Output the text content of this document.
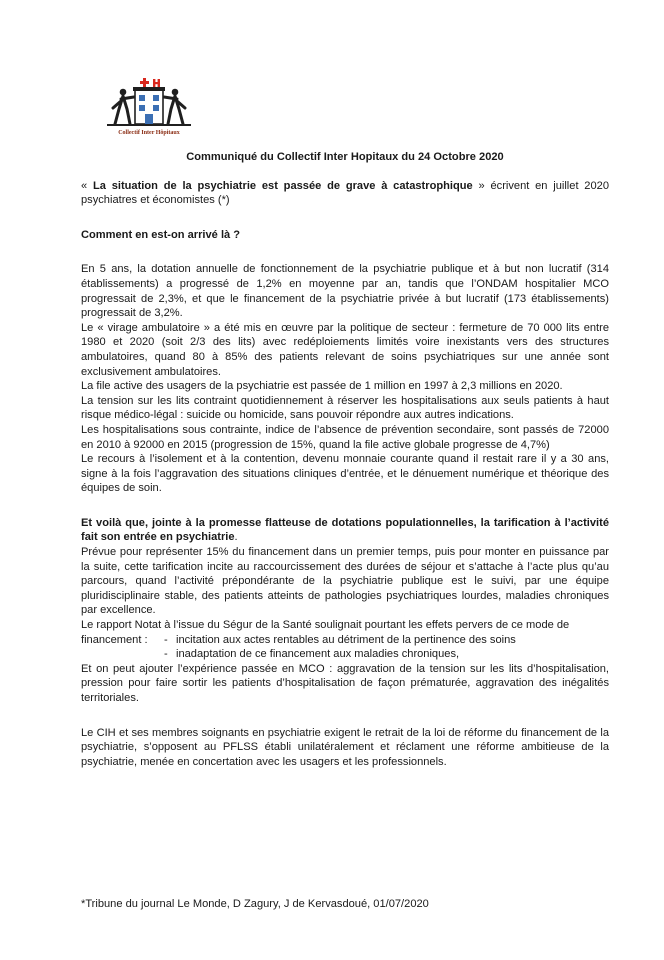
Collectif Inter Hôpitaux
Communiqué du Collectif Inter Hopitaux du 24 Octobre 2020

« La situation de la psychiatrie est passée de grave à catastrophique » écrivent en juillet 2020 psychiatres et économistes (*)

Comment en est-on arrivé là ?

En 5 ans, la dotation annuelle de fonctionnement de la psychiatrie publique et à but non lucratif (314 établissements) a progressé de 1,2% en moyenne par an, tandis que l’ONDAM hospitalier MCO progressait de 2,3%, et que le financement de la psychiatrie privée à but lucratif (173 établissements) progressait de 3,2%.

Le « virage ambulatoire » a été mis en œuvre par la politique de secteur : fermeture de 70 000 lits entre 1980 et 2020 (soit 2/3 des lits) avec redéploiements limités voire inexistants vers des structures ambulatoires, quand 80 à 85% des patients relevant de soins psychiatriques sur une année sont exclusivement ambulatoires.

La file active des usagers de la psychiatrie est passée de 1 million en 1997 à 2,3 millions en 2020.

La tension sur les lits contraint quotidiennement à réserver les hospitalisations aux seuls patients à haut risque médico-légal : suicide ou homicide, sans pouvoir répondre aux autres indications.

Les hospitalisations sous contrainte, indice de l’absence de prévention secondaire, sont passés de 72000 en 2010 à 92000 en 2015 (progression de 15%, quand la file active globale progresse de 4,7%)

Le recours à l’isolement et à la contention, devenu monnaie courante quand il restait rare il y a 30 ans, signe à la fois l’aggravation des situations cliniques d’entrée, et le dénuement numérique et théorique des équipes de soin.

Et voilà que, jointe à la promesse flatteuse de dotations populationnelles, la tarification à l’activité fait son entrée en psychiatrie.

Prévue pour représenter 15% du financement dans un premier temps, puis pour monter en puissance par la suite, cette tarification incite au raccourcissement des durées de séjour et s’attache à l’acte plus qu’au parcours, quand l’activité prépondérante de la psychiatrie publique est le suivi, par une équipe pluridisciplinaire stable, des patients atteints de pathologies psychiatriques lourdes, maladies chroniques par excellence.

Le rapport Notat à l’issue du Ségur de la Santé soulignait pourtant les effets pervers de ce mode de

financement :	- incitation aux actes rentables au détriment de la pertinence des soins
- inadaptation de ce financement aux maladies chroniques,

Et on peut ajouter l’expérience passée en MCO : aggravation de la tension sur les lits d’hospitalisation, pression pour faire sortir les patients d’hospitalisation de façon prématurée, aggravation des inégalités territoriales.

Le CIH et ses membres soignants en psychiatrie exigent le retrait de la loi de réforme du financement de la psychiatrie, s’opposent au PFLSS établi unilatéralement et réclament une réforme ambitieuse de la psychiatrie, menée en concertation avec les usagers et les professionnels.

*Tribune du journal Le Monde, D Zagury, J de Kervasdoué, 01/07/2020
